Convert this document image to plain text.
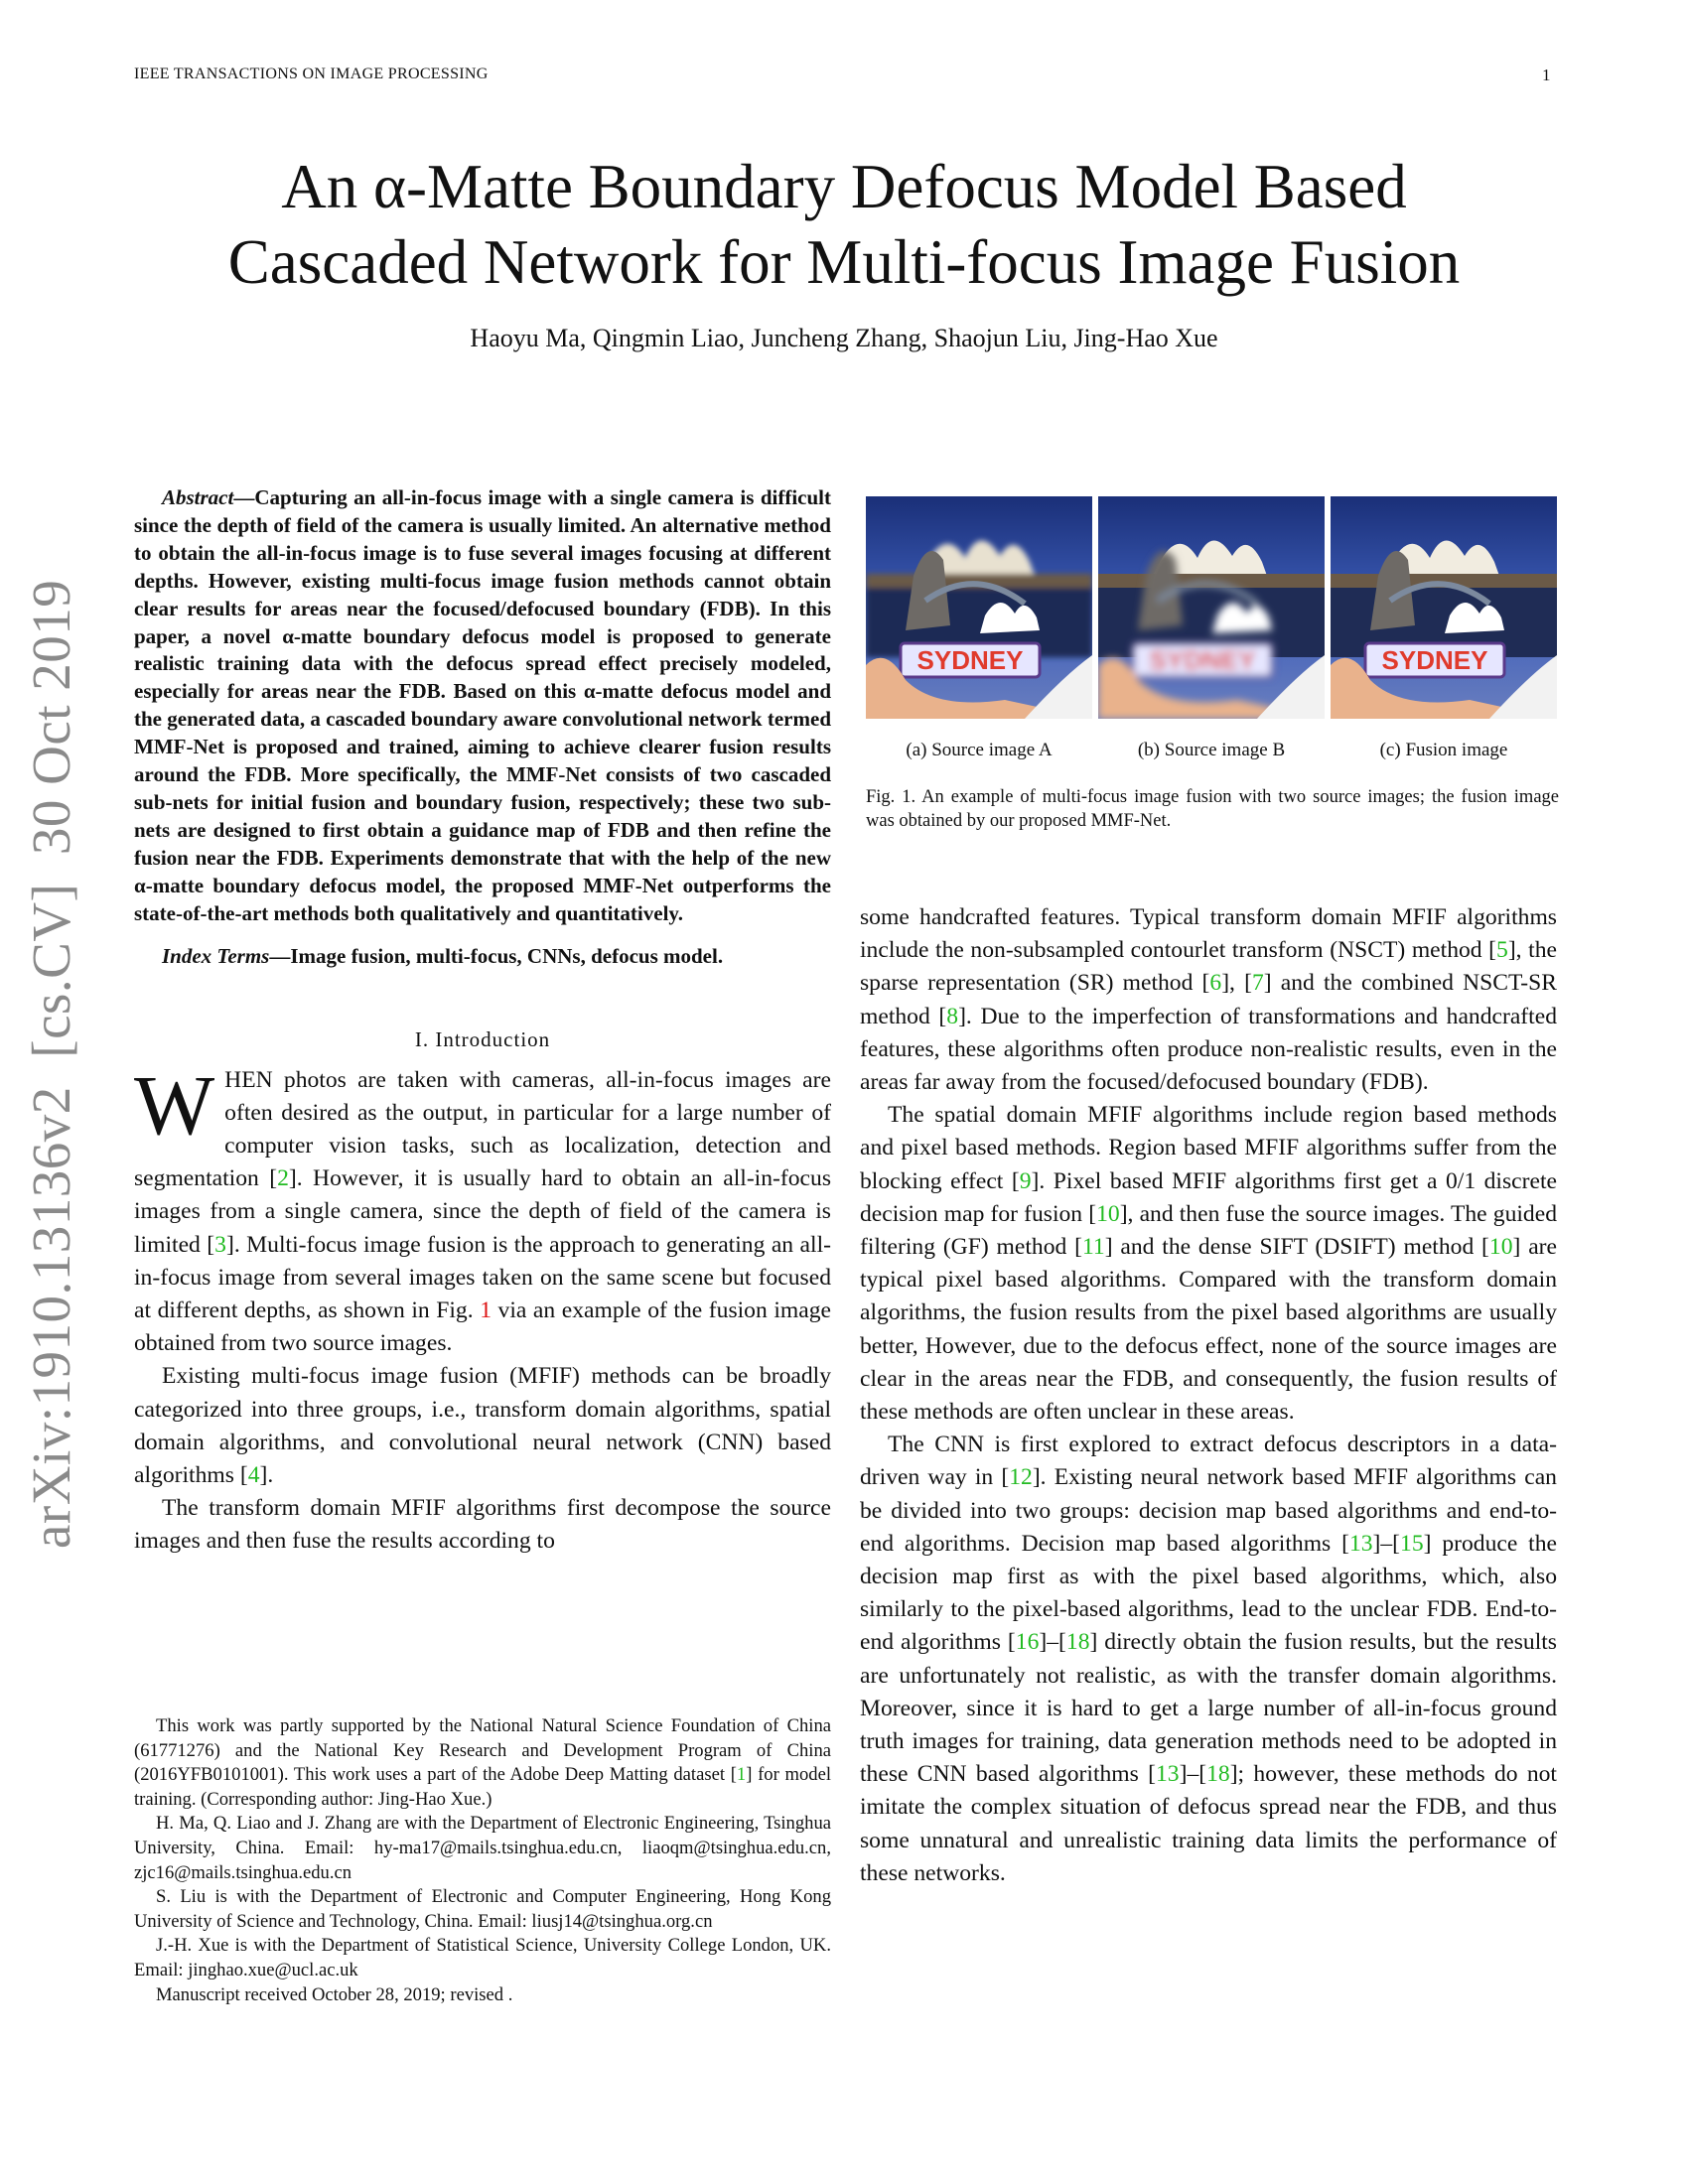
IEEE TRANSACTIONS ON IMAGE PROCESSING	1
An α-Matte Boundary Defocus Model Based
Cascaded Network for Multi-focus Image Fusion
Haoyu Ma, Qingmin Liao, Juncheng Zhang, Shaojun Liu, Jing-Hao Xue
arXiv:1910.13136v2  [cs.CV]  30 Oct 2019

Abstract—Capturing an all-in-focus image with a single camera is difficult since the depth of field of the camera is usually limited. An alternative method to obtain the all-in-focus image is to fuse several images focusing at different depths. However, existing multi-focus image fusion methods cannot obtain clear results for areas near the focused/defocused boundary (FDB). In this paper, a novel α-matte boundary defocus model is proposed to generate realistic training data with the defocus spread effect precisely modeled, especially for areas near the FDB. Based on this α-matte defocus model and the generated data, a cascaded boundary aware convolutional network termed MMF-Net is proposed and trained, aiming to achieve clearer fusion results around the FDB. More specifically, the MMF-Net consists of two cascaded sub-nets for initial fusion and boundary fusion, respectively; these two sub-nets are designed to first obtain a guidance map of FDB and then refine the fusion near the FDB. Experiments demonstrate that with the help of the new α-matte boundary defocus model, the proposed MMF-Net outperforms the state-of-the-art methods both qualitatively and quantitatively.

Index Terms—Image fusion, multi-focus, CNNs, defocus model.

I. Introduction

WHEN photos are taken with cameras, all-in-focus images are often desired as the output, in particular for a large number of computer vision tasks, such as localization, detection and segmentation [2]. However, it is usually hard to obtain an all-in-focus images from a single camera, since the depth of field of the camera is limited [3]. Multi-focus image fusion is the approach to generating an all-in-focus image from several images taken on the same scene but focused at different depths, as shown in Fig. 1 via an example of the fusion image obtained from two source images.

Existing multi-focus image fusion (MFIF) methods can be broadly categorized into three groups, i.e., transform domain algorithms, spatial domain algorithms, and convolutional neural network (CNN) based algorithms [4].

The transform domain MFIF algorithms first decompose the source images and then fuse the results according to

This work was partly supported by the National Natural Science Foundation of China (61771276) and the National Key Research and Development Program of China (2016YFB0101001). This work uses a part of the Adobe Deep Matting dataset [1] for model training. (Corresponding author: Jing-Hao Xue.)

H. Ma, Q. Liao and J. Zhang are with the Department of Electronic Engineering, Tsinghua University, China. Email: hy-ma17@mails.tsinghua.edu.cn, liaoqm@tsinghua.edu.cn, zjc16@mails.tsinghua.edu.cn

S. Liu is with the Department of Electronic and Computer Engineering, Hong Kong University of Science and Technology, China. Email: liusj14@tsinghua.org.cn

J.-H. Xue is with the Department of Statistical Science, University College London, UK. Email: jinghao.xue@ucl.ac.uk

Manuscript received October 28, 2019; revised .

SYDNEY
(a) Source image A
SYDNEY
(b) Source image B
SYDNEY
(c) Fusion image
Fig. 1. An example of multi-focus image fusion with two source images; the fusion image was obtained by our proposed MMF-Net.

some handcrafted features. Typical transform domain MFIF algorithms include the non-subsampled contourlet transform (NSCT) method [5], the sparse representation (SR) method [6], [7] and the combined NSCT-SR method [8]. Due to the imperfection of transformations and handcrafted features, these algorithms often produce non-realistic results, even in the areas far away from the focused/defocused boundary (FDB).

The spatial domain MFIF algorithms include region based methods and pixel based methods. Region based MFIF algorithms suffer from the blocking effect [9]. Pixel based MFIF algorithms first get a 0/1 discrete decision map for fusion [10], and then fuse the source images. The guided filtering (GF) method [11] and the dense SIFT (DSIFT) method [10] are typical pixel based algorithms. Compared with the transform domain algorithms, the fusion results from the pixel based algorithms are usually better, However, due to the defocus effect, none of the source images are clear in the areas near the FDB, and consequently, the fusion results of these methods are often unclear in these areas.

The CNN is first explored to extract defocus descriptors in a data-driven way in [12]. Existing neural network based MFIF algorithms can be divided into two groups: decision map based algorithms and end-to-end algorithms. Decision map based algorithms [13]–[15] produce the decision map first as with the pixel based algorithms, which, also similarly to the pixel-based algorithms, lead to the unclear FDB. End-to-end algorithms [16]–[18] directly obtain the fusion results, but the results are unfortunately not realistic, as with the transfer domain algorithms. Moreover, since it is hard to get a large number of all-in-focus ground truth images for training, data generation methods need to be adopted in these CNN based algorithms [13]–[18]; however, these methods do not imitate the complex situation of defocus spread near the FDB, and thus some unnatural and unrealistic training data limits the performance of these networks.
